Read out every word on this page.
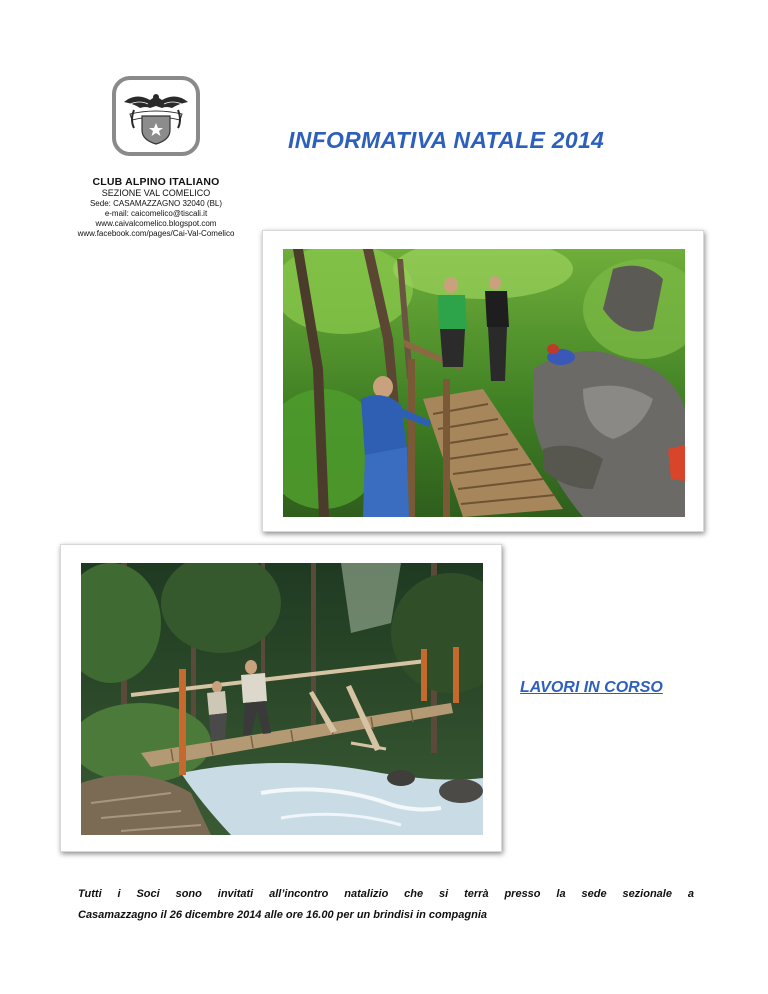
CLUB ALPINO ITALIANO
SEZIONE VAL COMELICO
Sede: CASAMAZZAGNO 32040 (BL)
e-mail: caicomelico@tiscali.it
www.caivalcomelico.blogspot.com
www.facebook.com/pages/Cai-Val-Comelico
INFORMATIVA NATALE 2014
LAVORI IN CORSO
Tutti i Soci sono invitati all’incontro natalizio che si terrà presso la sede sezionale a
Casamazzagno il 26 dicembre 2014 alle ore 16.00 per un brindisi in compagnia
